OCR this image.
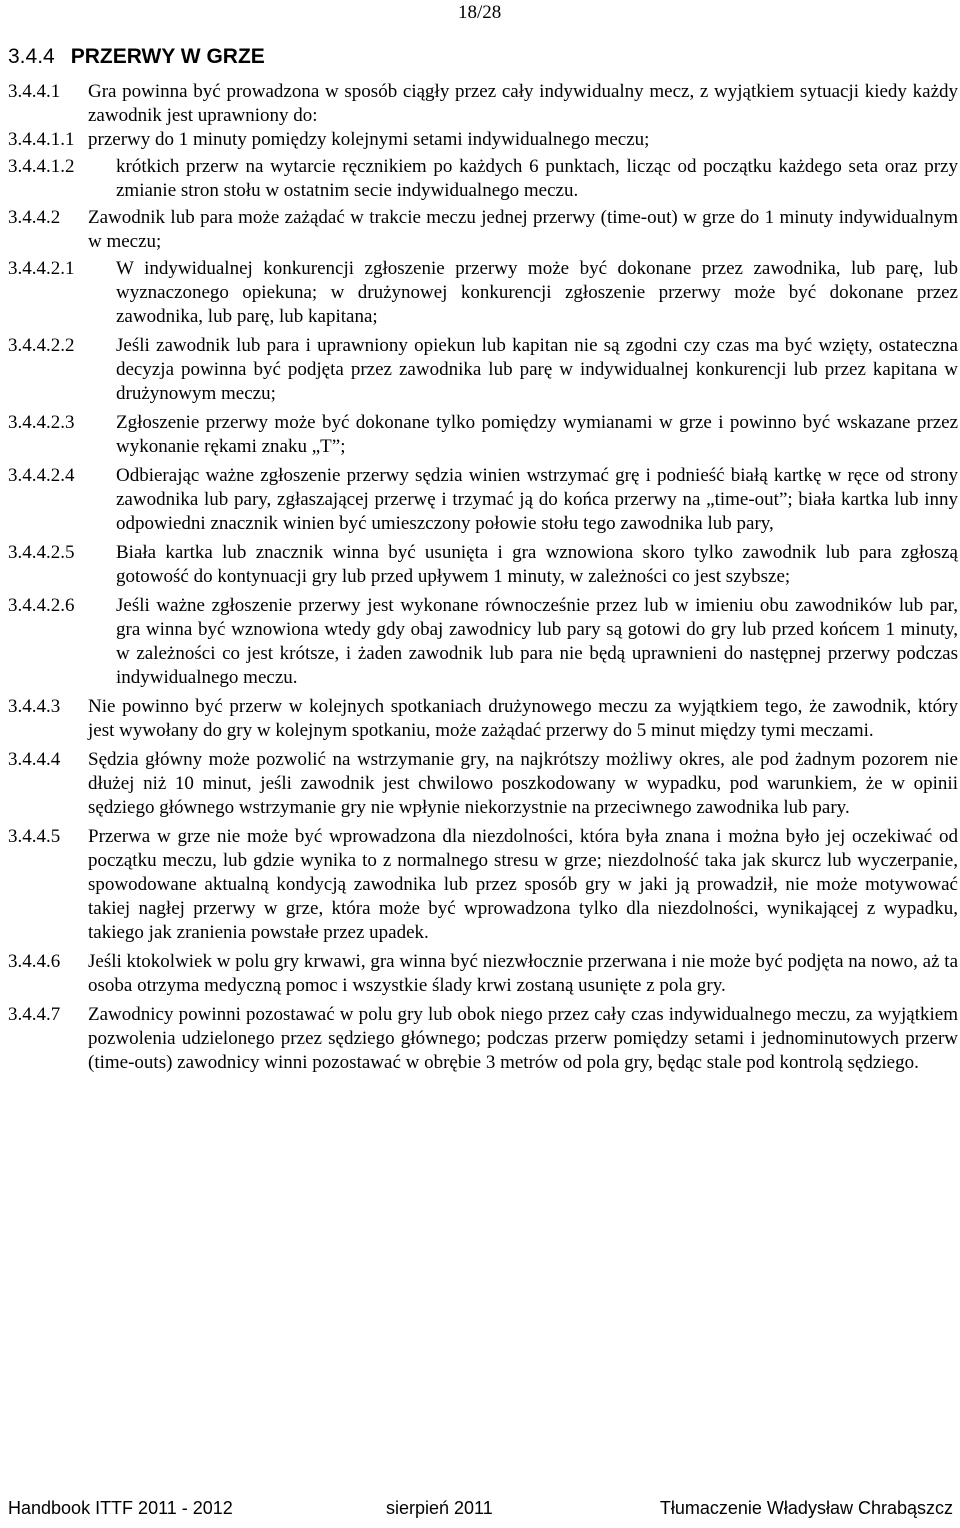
18/28
3.4.4 PRZERWY W GRZE
3.4.4.1	Gra powinna być prowadzona w sposób ciągły przez cały indywidualny mecz, z wyjątkiem sytuacji kiedy każdy zawodnik jest uprawniony do:
3.4.4.1.1 przerwy do 1 minuty pomiędzy kolejnymi setami indywidualnego meczu;
3.4.4.1.2	krótkich przerw na wytarcie ręcznikiem po każdych 6 punktach, licząc od początku każdego seta oraz przy zmianie stron stołu w ostatnim secie indywidualnego meczu.
3.4.4.2	Zawodnik lub para może zażądać w trakcie meczu jednej przerwy (time-out) w grze do 1 minuty indywidualnym w meczu;
3.4.4.2.1	W indywidualnej konkurencji zgłoszenie przerwy może być dokonane przez zawodnika, lub parę, lub wyznaczonego opiekuna; w drużynowej konkurencji zgłoszenie przerwy może być dokonane przez zawodnika, lub parę, lub kapitana;
3.4.4.2.2	Jeśli zawodnik lub para i uprawniony opiekun lub kapitan nie są zgodni czy czas ma być wzięty, ostateczna decyzja powinna być podjęta przez zawodnika lub parę w indywidualnej konkurencji lub przez kapitana w drużynowym meczu;
3.4.4.2.3	Zgłoszenie przerwy może być dokonane tylko pomiędzy wymianami w grze i powinno być wskazane przez wykonanie rękami znaku „T”;
3.4.4.2.4	Odbierając ważne zgłoszenie przerwy sędzia winien wstrzymać grę i podnieść białą kartkę w ręce od strony zawodnika lub pary, zgłaszającej przerwę i trzymać ją do końca przerwy na „time-out”; biała kartka lub inny odpowiedni znacznik winien być umieszczony połowie stołu tego zawodnika lub pary,
3.4.4.2.5	Biała kartka lub znacznik winna być usunięta i gra wznowiona skoro tylko zawodnik lub para zgłoszą gotowość do kontynuacji gry lub przed upływem 1 minuty, w zależności co jest szybsze;
3.4.4.2.6	Jeśli ważne zgłoszenie przerwy jest wykonane równocześnie przez lub w imieniu obu zawodników lub par, gra winna być wznowiona wtedy gdy obaj zawodnicy lub pary są gotowi do gry lub przed końcem 1 minuty, w zależności co jest krótsze, i żaden zawodnik lub para nie będą uprawnieni do następnej przerwy podczas indywidualnego meczu.
3.4.4.3	Nie powinno być przerw w kolejnych spotkaniach drużynowego meczu za wyjątkiem tego, że zawodnik, który jest wywołany do gry w kolejnym spotkaniu, może zażądać przerwy do 5 minut między tymi meczami.
3.4.4.4	Sędzia główny może pozwolić na wstrzymanie gry, na najkrótszy możliwy okres, ale pod żadnym pozorem nie dłużej niż 10 minut, jeśli zawodnik jest chwilowo poszkodowany w wypadku, pod warunkiem, że w opinii sędziego głównego wstrzymanie gry nie wpłynie niekorzystnie na przeciwnego zawodnika lub pary.
3.4.4.5	Przerwa w grze nie może być wprowadzona dla niezdolności, która była znana i można było jej oczekiwać od początku meczu, lub gdzie wynika to z normalnego stresu w grze; niezdolność taka jak skurcz lub wyczerpanie, spowodowane aktualną kondycją zawodnika lub przez sposób gry w jaki ją prowadził, nie może motywować takiej nagłej przerwy w grze, która może być wprowadzona tylko dla niezdolności, wynikającej z wypadku, takiego jak zranienia powstałe przez upadek.
3.4.4.6	Jeśli ktokolwiek w polu gry krwawi, gra winna być niezwłocznie przerwana i nie może być podjęta na nowo, aż ta osoba otrzyma medyczną pomoc i wszystkie ślady krwi zostaną usunięte z pola gry.
3.4.4.7	Zawodnicy powinni pozostawać w polu gry lub obok niego przez cały czas indywidualnego meczu, za wyjątkiem pozwolenia udzielonego przez sędziego głównego; podczas przerw pomiędzy setami i jednominutowych przerw (time-outs) zawodnicy winni pozostawać w obrębie 3 metrów od pola gry, będąc stale pod kontrolą sędziego.
Handbook ITTF 2011 - 2012	sierpień 2011	Tłumaczenie Władysław Chrabąszcz
